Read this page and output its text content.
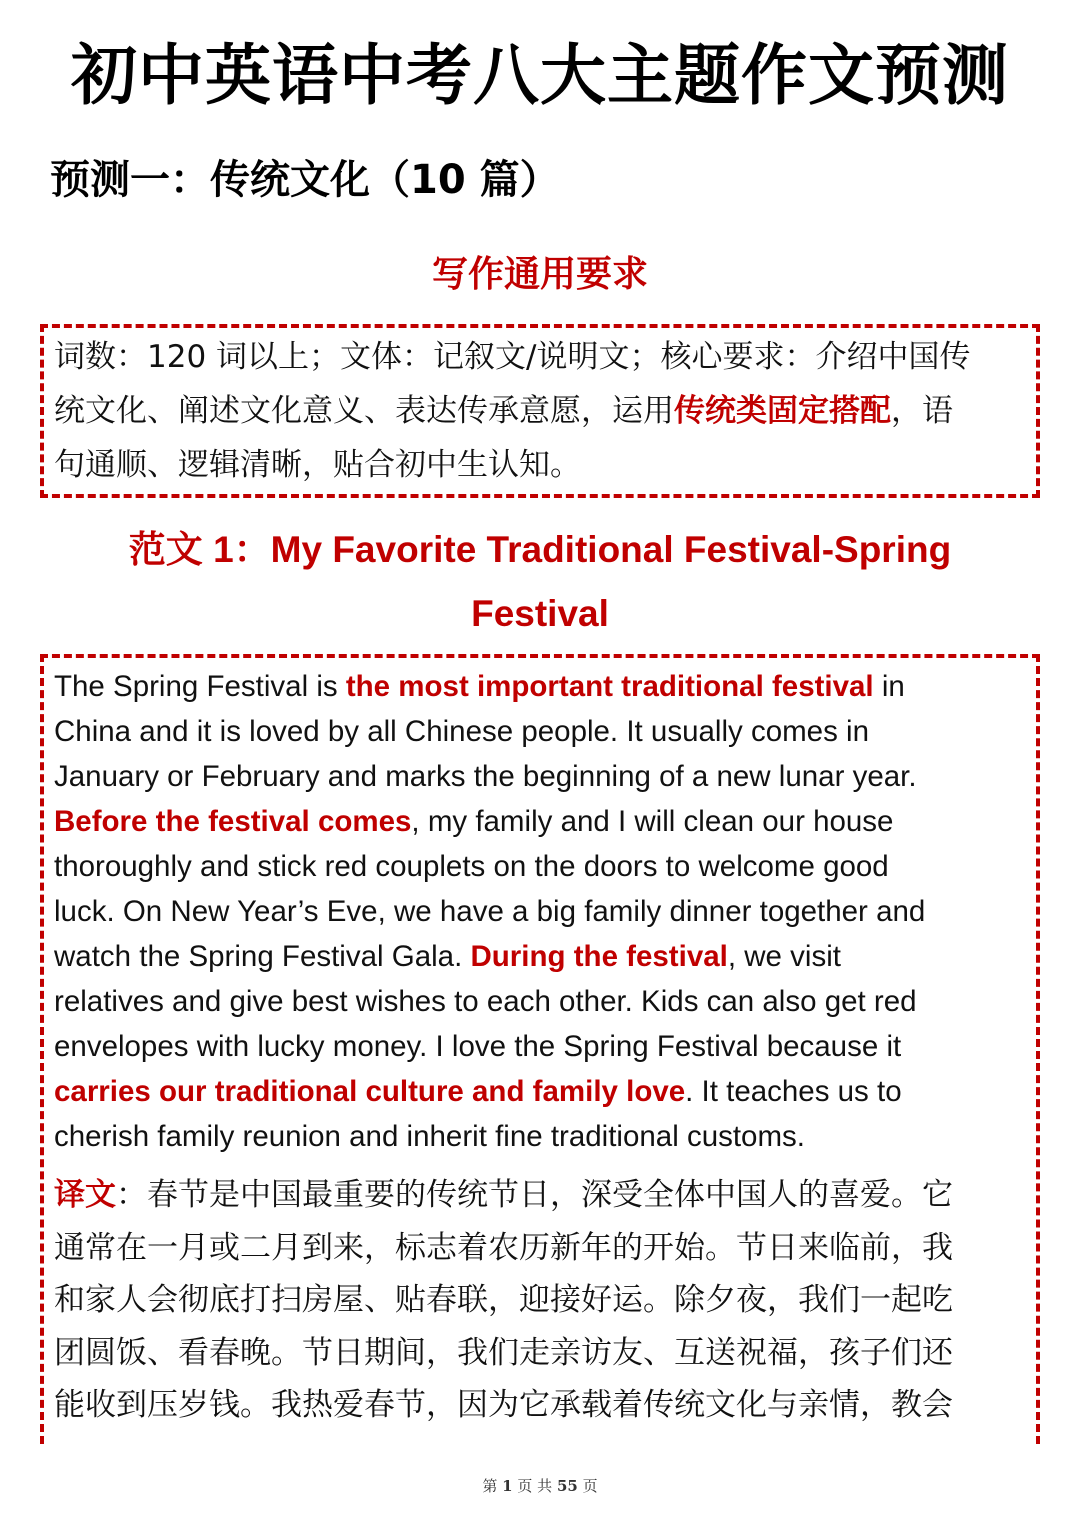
初中英语中考八大主题作文预测
预测一：传统文化（10 篇）
写作通用要求

词数：120 词以上；文体：记叙文/说明文；核心要求：介绍中国传
统文化、阐述文化意义、表达传承意愿，运用传统类固定搭配，语
句通顺、逻辑清晰，贴合初中生认知。

范文 1：My Favorite Traditional Festival-Spring
Festival

The Spring Festival is the most important traditional festival in
China and it is loved by all Chinese people. It usually comes in
January or February and marks the beginning of a new lunar year.
Before the festival comes, my family and I will clean our house
thoroughly and stick red couplets on the doors to welcome good
luck. On New Year’s Eve, we have a big family dinner together and
watch the Spring Festival Gala. During the festival, we visit
relatives and give best wishes to each other. Kids can also get red
envelopes with lucky money. I love the Spring Festival because it
carries our traditional culture and family love. It teaches us to
cherish family reunion and inherit fine traditional customs.

译文：春节是中国最重要的传统节日，深受全体中国人的喜爱。它
通常在一月或二月到来，标志着农历新年的开始。节日来临前，我
和家人会彻底打扫房屋、贴春联，迎接好运。除夕夜，我们一起吃
团圆饭、看春晚。节日期间，我们走亲访友、互送祝福，孩子们还
能收到压岁钱。我热爱春节，因为它承载着传统文化与亲情，教会

第 1 页 共 55 页
